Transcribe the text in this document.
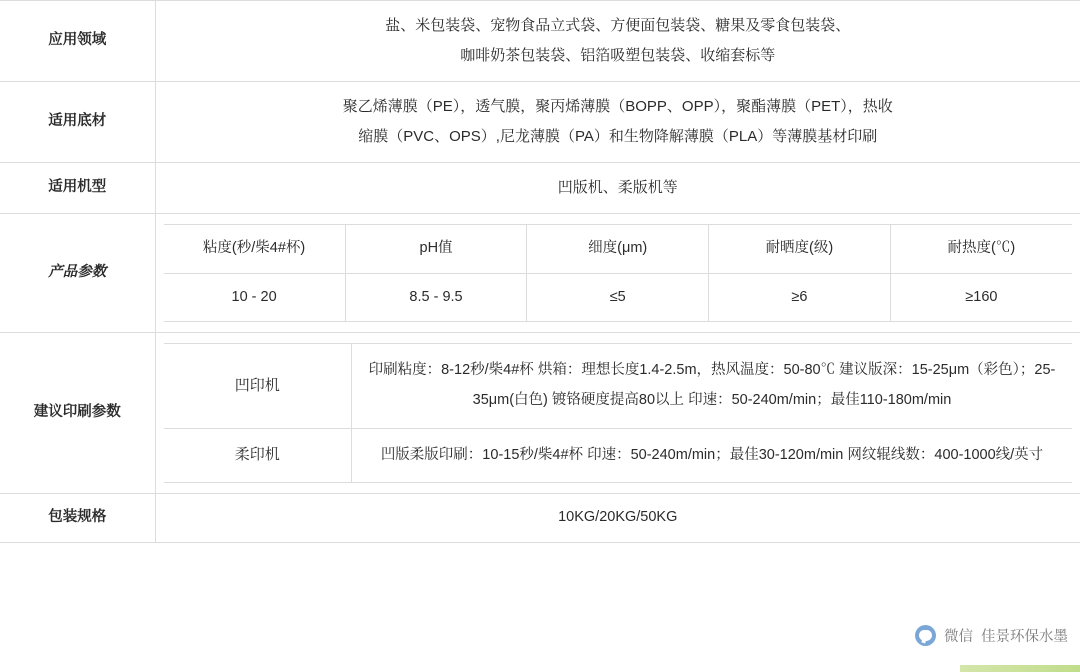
应用领域	
盐、米包装袋、宠物食品立式袋、方便面包装袋、糖果及零食包装袋、
咖啡奶茶包装袋、铝箔吸塑包装袋、收缩套标等

适用底材	
聚乙烯薄膜（PE），透气膜，聚丙烯薄膜（BOPP、OPP），聚酯薄膜（PET），热收
缩膜（PVC、OPS）,尼龙薄膜（PA）和生物降解薄膜（PLA）等薄膜基材印刷

适用机型	凹版机、柔版机等

产品参数	
粘度(秒/柴4#杯)	pH值	细度(μm)	耐晒度(级)	耐热度(℃)
10 - 20	8.5 - 9.5	≤5	≥6	≥160

建议印刷参数	
凹印机	印刷粘度：8-12秒/柴4#杯 烘箱：理想长度1.4-2.5m，热风温度：50-80℃ 建议版深：15-25μm（彩色）；25-35μm(白色) 镀铬硬度提高80以上 印速：50-240m/min；最佳110-180m/min
柔印机	凹版柔版印刷：10-15秒/柴4#杯 印速：50-240m/min；最佳30-120m/min 网纹辊线数：400-1000线/英寸

包装规格	10KG/20KG/50KG
微信 佳景环保水墨
